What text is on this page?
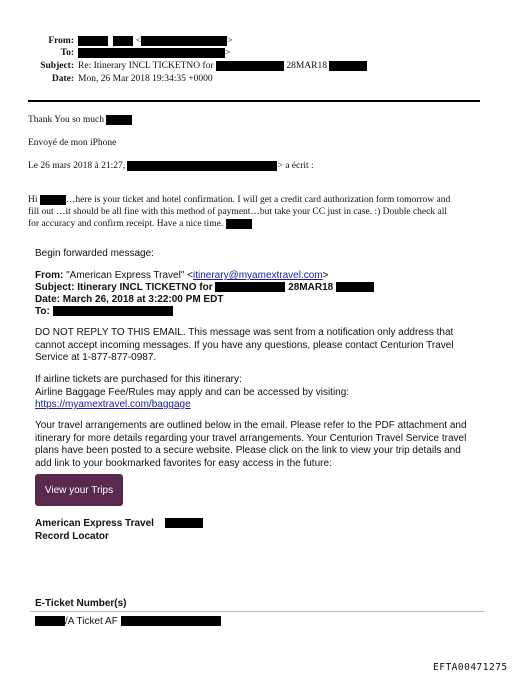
From:	<	>
To:	>
Subject: Re: Itinerary INCL TICKETNO for	28MAR18
Date: Mon, 26 Mar 2018 19:34:35 +0000
Thank You so much
Envoyé de mon iPhone
Le 26 mars 2018 à 21:27,	> a écrit :
Hi	…here is your ticket and hotel confirmation. I will get a credit card authorization form tomorrow and
fill out …it should be all fine with this method of payment…but take your CC just in case. :) Double check all
for accuracy and confirm receipt. Have a nice time.
Begin forwarded message:
From: "American Express Travel" <itinerary@myamextravel.com>
Subject: Itinerary INCL TICKETNO for	28MAR18
Date: March 26, 2018 at 3:22:00 PM EDT
To:
DO NOT REPLY TO THIS EMAIL. This message was sent from a notification only address that
cannot accept incoming messages. If you have any questions, please contact Centurion Travel
Service at 1-877-877-0987.
If airline tickets are purchased for this itinerary:
Airline Baggage Fee/Rules may apply and can be accessed by visiting:
https://myamextravel.com/baggage
Your travel arrangements are outlined below in the email. Please refer to the PDF attachment and
itinerary for more details regarding your travel arrangements. Your Centurion Travel Service travel
plans have been posted to a secure website. Please click on the link to view your trip details and
add link to your bookmarked favorites for easy access in the future:
View your Trips
American Express Travel
Record Locator
E-Ticket Number(s)
/A Ticket AF
EFTA00471275
